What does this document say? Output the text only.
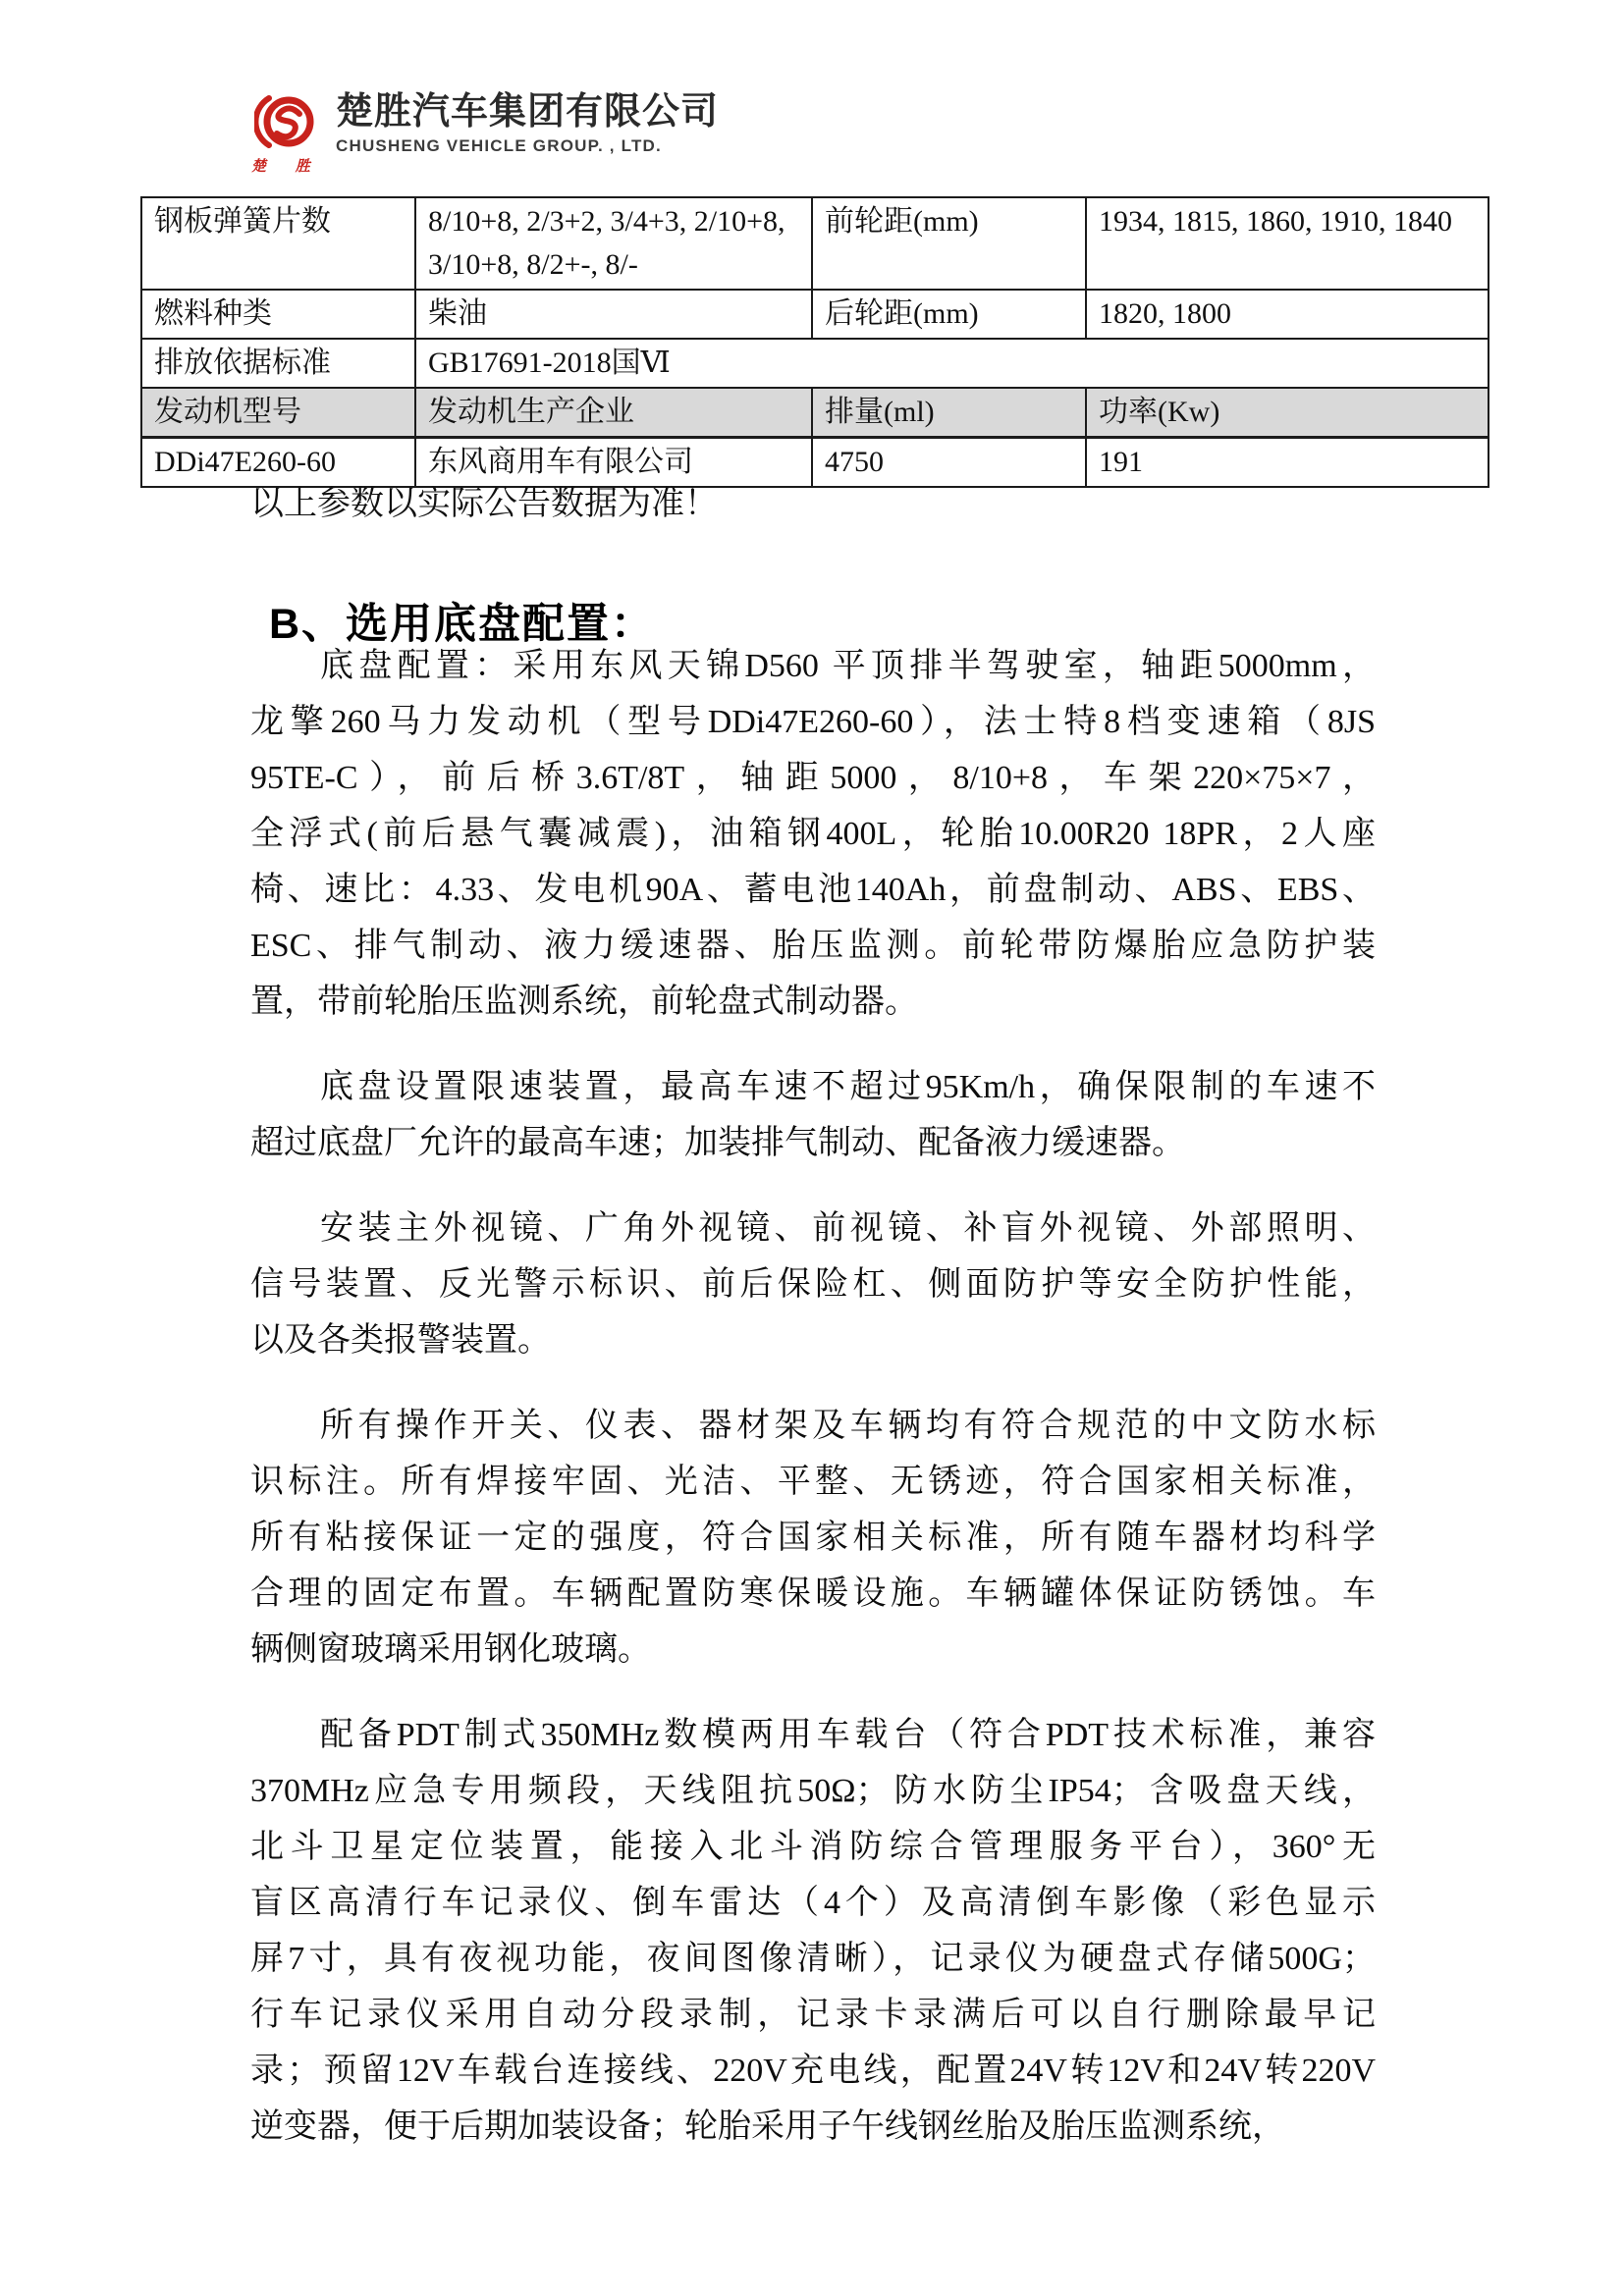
楚 胜
楚胜汽车集团有限公司
CHUSHENG VEHICLE GROUP. , LTD.
钢板弹簧片数	8/10+8, 2/3+2, 3/4+3, 2/10+8, 3/10+8, 8/2+-, 8/-	前轮距(mm)	1934, 1815, 1860, 1910, 1840
燃料种类	柴油	后轮距(mm)	1820, 1800
排放依据标准	GB17691-2018国Ⅵ		
发动机型号	发动机生产企业	排量(ml)	功率(Kw)
DDi47E260-60	东风商用车有限公司	4750	191
以上参数以实际公告数据为准！
B、选用底盘配置：
底盘配置：采用东风天锦D560 平顶排半驾驶室，轴距5000mm，
龙擎260马力发动机（型号DDi47E260-60），法士特8档变速箱（8JS
95TE-C），前后桥3.6T/8T，轴距5000，8/10+8，车架220×75×7，
全浮式(前后悬气囊减震)，油箱钢400L，轮胎10.00R20 18PR，2人座
椅、速比：4.33、发电机90A、蓄电池140Ah，前盘制动、ABS、EBS、
ESC、排气制动、液力缓速器、胎压监测。前轮带防爆胎应急防护装
置，带前轮胎压监测系统，前轮盘式制动器。
底盘设置限速装置，最高车速不超过95Km/h，确保限制的车速不
超过底盘厂允许的最高车速；加装排气制动、配备液力缓速器。
安装主外视镜、广角外视镜、前视镜、补盲外视镜、外部照明、
信号装置、反光警示标识、前后保险杠、侧面防护等安全防护性能，
以及各类报警装置。
所有操作开关、仪表、器材架及车辆均有符合规范的中文防水标
识标注。所有焊接牢固、光洁、平整、无锈迹，符合国家相关标准，
所有粘接保证一定的强度，符合国家相关标准，所有随车器材均科学
合理的固定布置。车辆配置防寒保暖设施。车辆罐体保证防锈蚀。车
辆侧窗玻璃采用钢化玻璃。
配备PDT制式350MHz数模两用车载台（符合PDT技术标准，兼容
370MHz应急专用频段，天线阻抗50Ω；防水防尘IP54；含吸盘天线，
北斗卫星定位装置，能接入北斗消防综合管理服务平台），360°无
盲区高清行车记录仪、倒车雷达（4个）及高清倒车影像（彩色显示
屏7寸，具有夜视功能，夜间图像清晰），记录仪为硬盘式存储500G；
行车记录仪采用自动分段录制，记录卡录满后可以自行删除最早记
录；预留12V车载台连接线、220V充电线，配置24V转12V和24V转220V
逆变器，便于后期加装设备；轮胎采用子午线钢丝胎及胎压监测系统，
